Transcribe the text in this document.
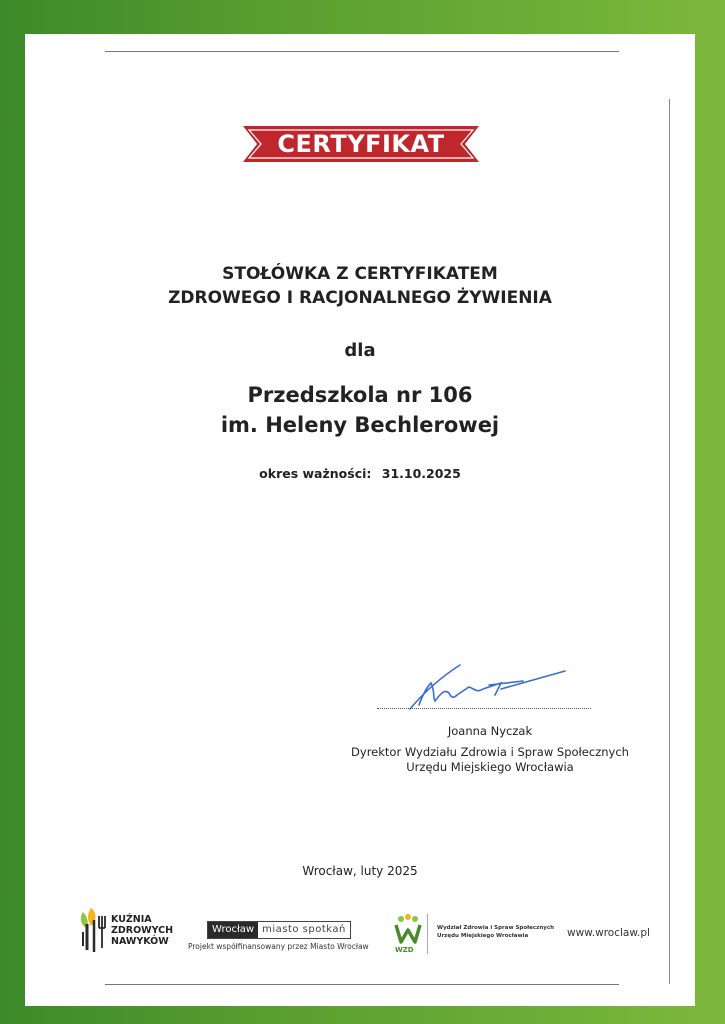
CERTYFIKAT
STOŁÓWKA Z CERTYFIKATEM
ZDROWEGO I RACJONALNEGO ŻYWIENIA
dla
Przedszkola nr 106
im. Heleny Bechlerowej
okres ważności: 31.10.2025
Joanna Nyczak
Dyrektor Wydziału Zdrowia i Spraw Społecznych
Urzędu Miejskiego Wrocławia
Wrocław, luty 2025
KUŹNIA
ZDROWYCH
NAWYKÓW
Wrocław miasto spotkań
Projekt współfinansowany przez Miasto Wrocław	WZD
Wydział Zdrowia i Spraw Społecznych
Urzędu Miejskiego Wrocławia	www.wroclaw.pl
